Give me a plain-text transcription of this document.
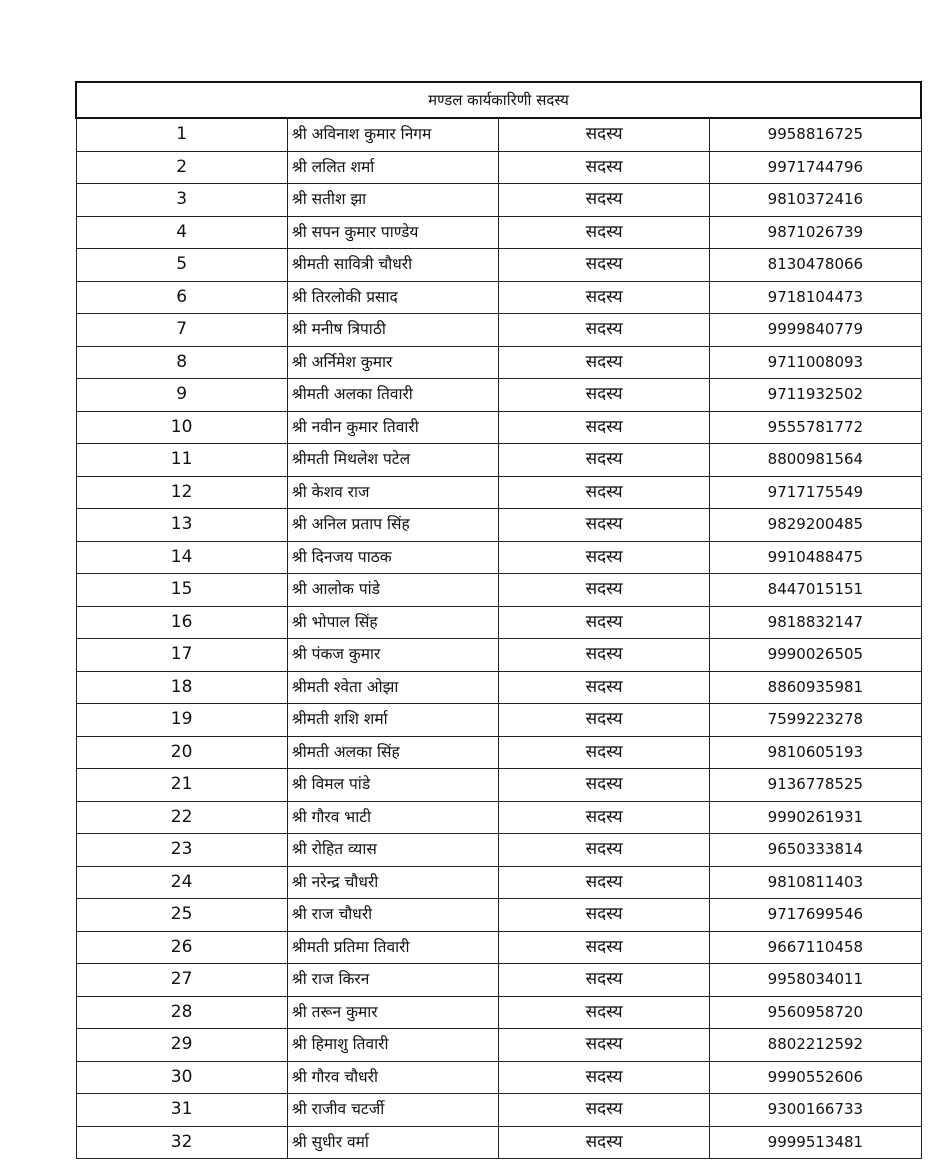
मण्डल कार्यकारिणी सदस्य			
1	श्री अविनाश कुमार निगम	सदस्य	9958816725
2	श्री ललित शर्मा	सदस्य	9971744796
3	श्री सतीश झा	सदस्य	9810372416
4	श्री सपन कुमार पाण्डेय	सदस्य	9871026739
5	श्रीमती सावित्री चौधरी	सदस्य	8130478066
6	श्री तिरलोकी प्रसाद	सदस्य	9718104473
7	श्री मनीष त्रिपाठी	सदस्य	9999840779
8	श्री अर्निमेश कुमार	सदस्य	9711008093
9	श्रीमती अलका तिवारी	सदस्य	9711932502
10	श्री नवीन कुमार तिवारी	सदस्य	9555781772
11	श्रीमती मिथलेश पटेल	सदस्य	8800981564
12	श्री केशव राज	सदस्य	9717175549
13	श्री अनिल प्रताप सिंह	सदस्य	9829200485
14	श्री दिनजय पाठक	सदस्य	9910488475
15	श्री आलोक पांडे	सदस्य	8447015151
16	श्री भोपाल सिंह	सदस्य	9818832147
17	श्री पंकज कुमार	सदस्य	9990026505
18	श्रीमती श्वेता ओझा	सदस्य	8860935981
19	श्रीमती शशि शर्मा	सदस्य	7599223278
20	श्रीमती अलका सिंह	सदस्य	9810605193
21	श्री विमल पांडे	सदस्य	9136778525
22	श्री गौरव भाटी	सदस्य	9990261931
23	श्री रोहित व्यास	सदस्य	9650333814
24	श्री नरेन्द्र चौधरी	सदस्य	9810811403
25	श्री राज चौधरी	सदस्य	9717699546
26	श्रीमती प्रतिमा तिवारी	सदस्य	9667110458
27	श्री राज किरन	सदस्य	9958034011
28	श्री तरून कुमार	सदस्य	9560958720
29	श्री हिमाशु तिवारी	सदस्य	8802212592
30	श्री गौरव चौधरी	सदस्य	9990552606
31	श्री राजीव चटर्जी	सदस्य	9300166733
32	श्री सुधीर वर्मा	सदस्य	9999513481
